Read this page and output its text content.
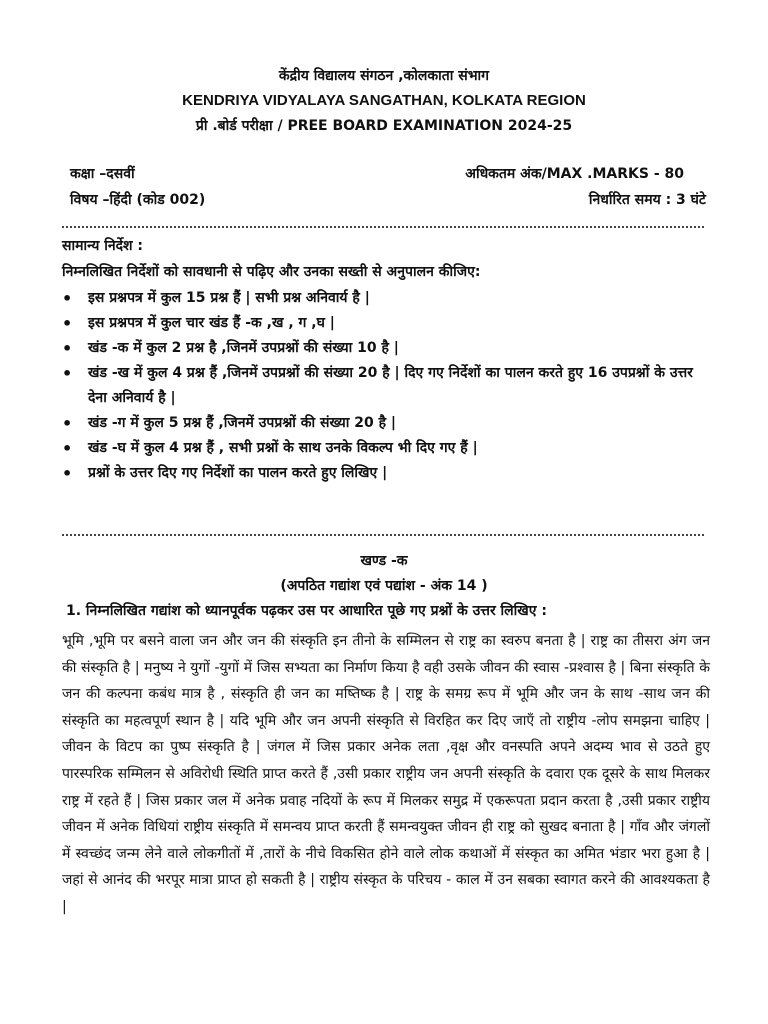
केंद्रीय विद्यालय संगठन ,कोलकाता संभाग
KENDRIYA VIDYALAYA SANGATHAN, KOLKATA REGION
प्री .बोर्ड परीक्षा / PREE BOARD EXAMINATION 2024-25
कक्षा –दसवीं	अधिकतम अंक/MAX .MARKS - 80
विषय –हिंदी (कोड 002)	निर्धारित समय : 3 घंटे
सामान्य निर्देश :
निम्नलिखित निर्देशों को सावधानी से पढ़िए और उनका सख्ती से अनुपालन कीजिए:
• इस प्रश्नपत्र में कुल 15 प्रश्न हैं | सभी प्रश्न अनिवार्य है |
• इस प्रश्नपत्र में कुल चार खंड हैं -क ,ख , ग ,घ |
• खंड -क में कुल 2 प्रश्न है ,जिनमें उपप्रश्नों की संख्या 10 है |
• खंड -ख में कुल 4 प्रश्न हैं ,जिनमें उपप्रश्नों की संख्या 20 है | दिए गए निर्देशों का पालन करते हुए 16 उपप्रश्नों के उत्तर देना अनिवार्य है |
• खंड -ग में कुल 5 प्रश्न हैं ,जिनमें उपप्रश्नों की संख्या 20 है |
• खंड -घ में कुल 4 प्रश्न हैं , सभी प्रश्नों के साथ उनके विकल्प भी दिए गए हैं |
• प्रश्नों के उत्तर दिए गए निर्देशों का पालन करते हुए लिखिए |
खण्ड -क
(अपठित गद्यांश एवं पद्यांश - अंक 14 )
1. निम्नलिखित गद्यांश को ध्यानपूर्वक पढ़कर उस पर आधारित पूछे गए प्रश्नों के उत्तर लिखिए :
भूमि ,भूमि पर बसने वाला जन और जन की संस्कृति इन तीनो के सम्मिलन से राष्ट्र का स्वरुप बनता है | राष्ट्र का तीसरा अंग जन की संस्कृति है | मनुष्य ने युगों -युगों में जिस सभ्यता का निर्माण किया है वही उसके जीवन की स्वास -प्रश्वास है | बिना संस्कृति के जन की कल्पना कबंध मात्र है , संस्कृति ही जन का मष्तिष्क है | राष्ट्र के समग्र रूप में भूमि और जन के साथ -साथ जन की संस्कृति का महत्वपूर्ण स्थान है | यदि भूमि और जन अपनी संस्कृति से विरहित कर दिए जाएँ तो राष्ट्रीय -लोप समझना चाहिए | जीवन के विटप का पुष्प संस्कृति है | जंगल में जिस प्रकार अनेक लता ,वृक्ष और वनस्पति अपने अदम्य भाव से उठते हुए पारस्परिक सम्मिलन से अविरोधी स्थिति प्राप्त करते हैं ,उसी प्रकार राष्ट्रीय जन अपनी संस्कृति के दवारा एक दूसरे के साथ मिलकर राष्ट्र में रहते हैं | जिस प्रकार जल में अनेक प्रवाह नदियों के रूप में मिलकर समुद्र में एकरूपता प्रदान करता है ,उसी प्रकार राष्ट्रीय जीवन में अनेक विधियां राष्ट्रीय संस्कृति में समन्वय प्राप्त करती हैं समन्वयुक्त जीवन ही राष्ट्र को सुखद बनाता है | गाँव और जंगलों में स्वच्छंद जन्म लेने वाले लोकगीतों में ,तारों के नीचे विकसित होने वाले लोक कथाओं में संस्कृत का अमित भंडार भरा हुआ है | जहां से आनंद की भरपूर मात्रा प्राप्त हो सकती है | राष्ट्रीय संस्कृत के परिचय - काल में उन सबका स्वागत करने की आवश्यकता है |
